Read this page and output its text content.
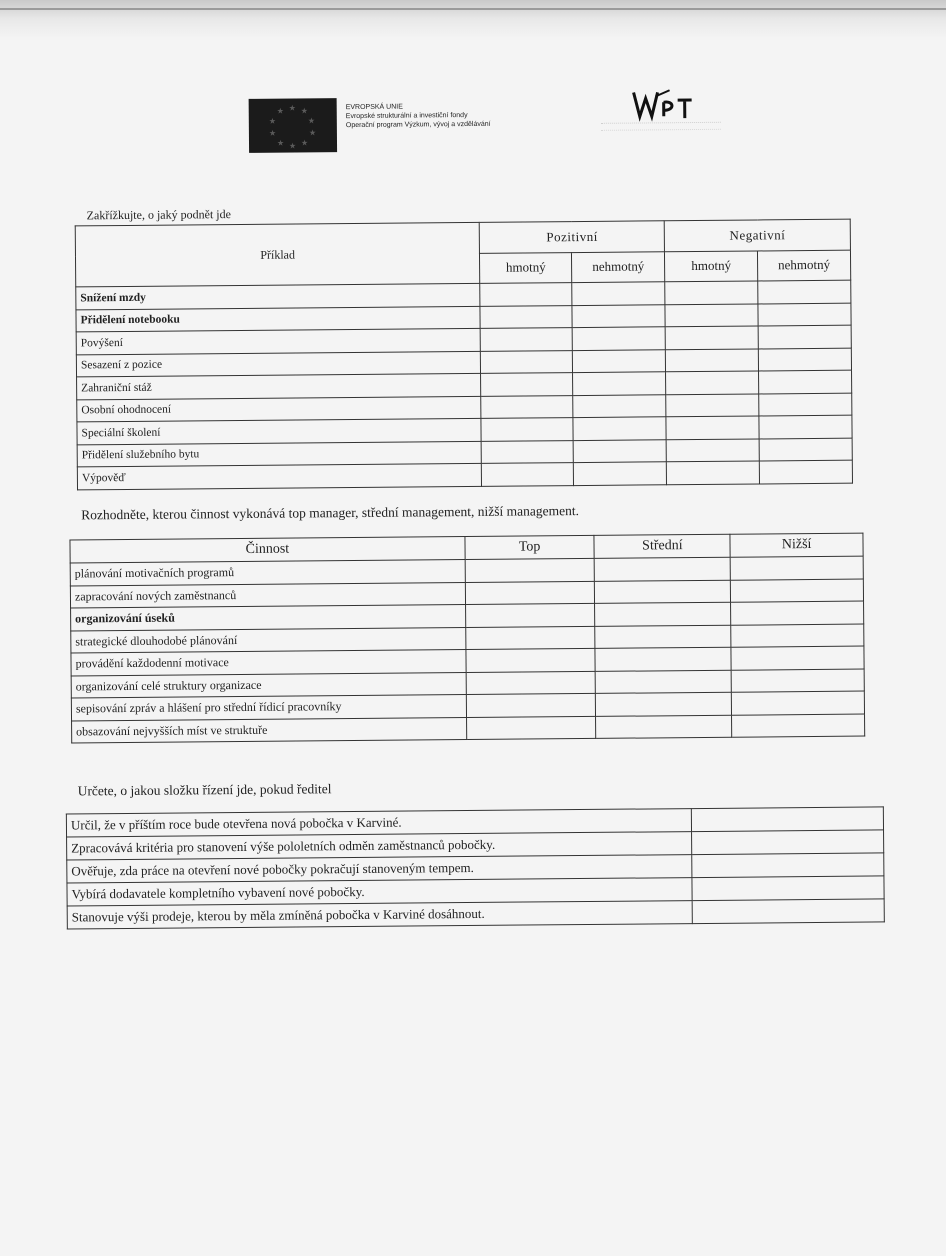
★ ★
★
★
★
★
★
★
★
★	EVROPSKÁ UNIE
Evropské strukturální a investiční fondy
Operační program Výzkum, vývoj a vzdělávání
Zakřížkujte, o jaký podnět jde
Příklad	Pozitivní		Negativní	
	hmotný	nehmotný	hmotný	nehmotný
Snížení mzdy				
Přidělení notebooku				
Povýšení				
Sesazení z pozice				
Zahraniční stáž				
Osobní ohodnocení				
Speciální školení				
Přidělení služebního bytu				
Výpověď				
Rozhodněte, kterou činnost vykonává top manager, střední management, nižší management.
Činnost	Top	Střední	Nižší
plánování motivačních programů			
zapracování nových zaměstnanců			
organizování úseků			
strategické dlouhodobé plánování			
provádění každodenní motivace			
organizování celé struktury organizace			
sepisování zpráv a hlášení pro střední řídicí pracovníky			
obsazování nejvyšších míst ve struktuře			
Určete, o jakou složku řízení jde, pokud ředitel
Určil, že v příštím roce bude otevřena nová pobočka v Karviné.	
Zpracovává kritéria pro stanovení výše pololetních odměn zaměstnanců pobočky.	
Ověřuje, zda práce na otevření nové pobočky pokračují stanoveným tempem.	
Vybírá dodavatele kompletního vybavení nové pobočky.	
Stanovuje výši prodeje, kterou by měla zmíněná pobočka v Karviné dosáhnout.	
